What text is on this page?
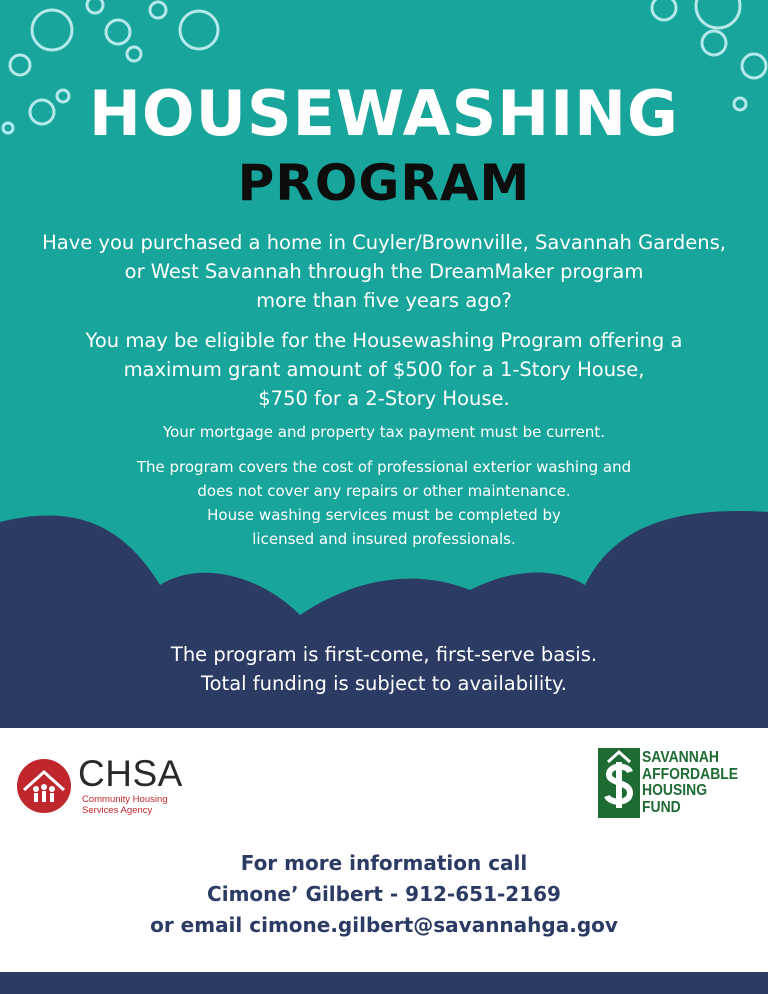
HOUSEWASHING
PROGRAM
Have you purchased a home in Cuyler/Brownville, Savannah Gardens,
or West Savannah through the DreamMaker program
more than five years ago?
You may be eligible for the Housewashing Program offering a
maximum grant amount of $500 for a 1-Story House,
$750 for a 2-Story House.
Your mortgage and property tax payment must be current.
The program covers the cost of professional exterior washing and
does not cover any repairs or other maintenance.
House washing services must be completed by
licensed and insured professionals.
The program is first-come, first-serve basis.
Total funding is subject to availability.
CHSA
Community Housing
Services Agency
SAVANNAH
AFFORDABLE
HOUSING
FUND
For more information call
Cimone’ Gilbert - 912-651-2169
or email cimone.gilbert@savannahga.gov
